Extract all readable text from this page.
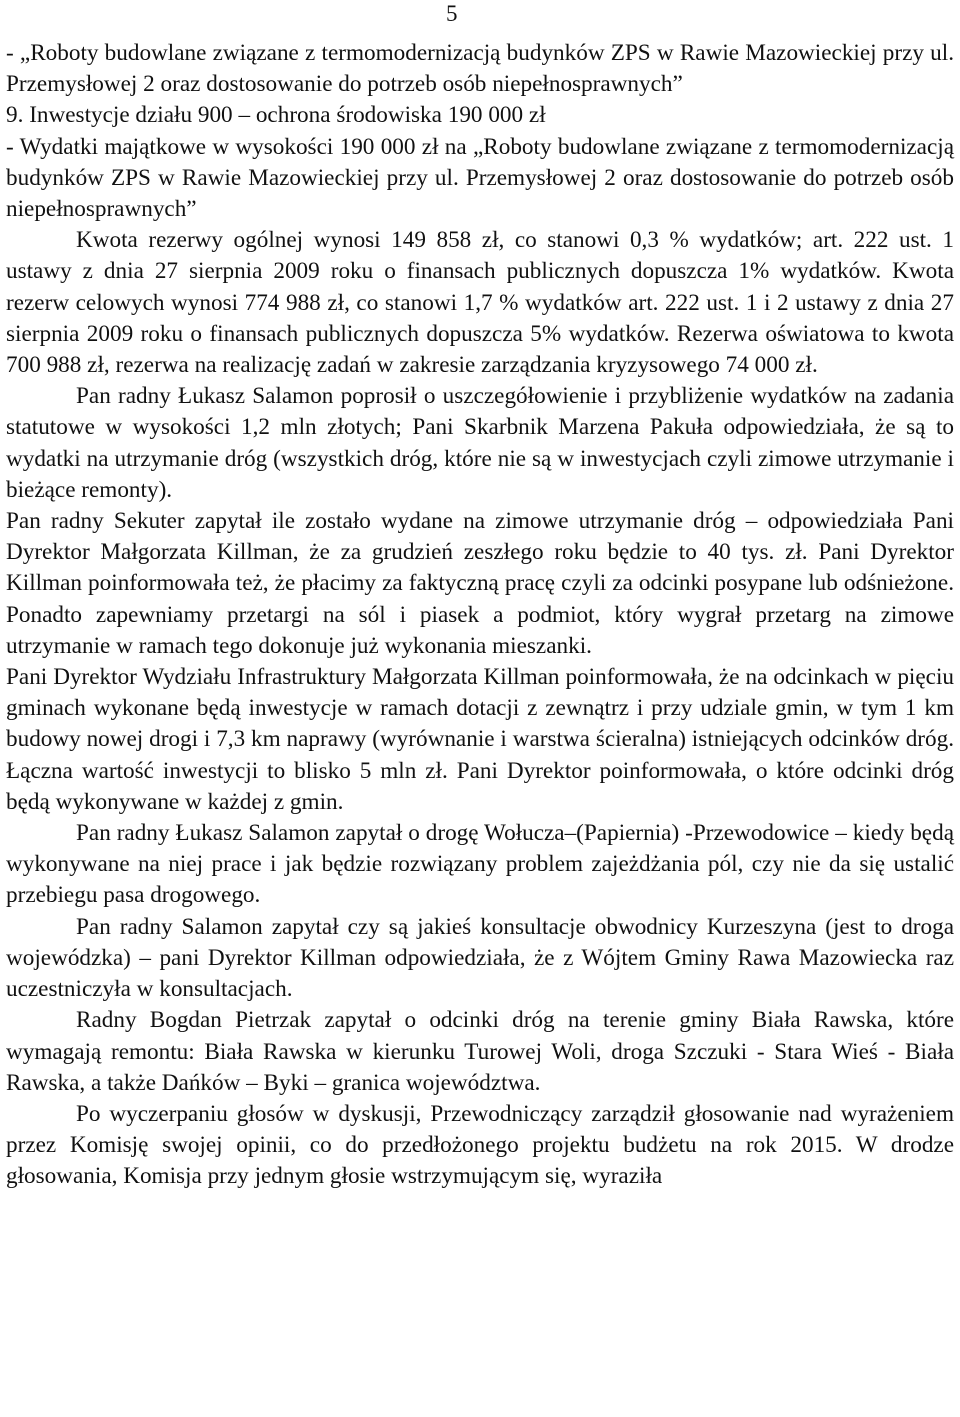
5

- „Roboty budowlane związane z termomodernizacją budynków ZPS w Rawie Mazowieckiej przy ul. Przemysłowej 2 oraz dostosowanie do potrzeb osób niepełnosprawnych”

9. Inwestycje działu 900 – ochrona środowiska 190 000 zł

- Wydatki majątkowe w wysokości 190 000 zł na „Roboty budowlane związane z termomodernizacją budynków ZPS w Rawie Mazowieckiej przy ul. Przemysłowej 2 oraz dostosowanie do potrzeb osób niepełnosprawnych”

Kwota rezerwy ogólnej wynosi 149 858 zł, co stanowi 0,3 % wydatków; art. 222 ust. 1 ustawy z dnia 27 sierpnia 2009 roku o finansach publicznych dopuszcza 1% wydatków. Kwota rezerw celowych wynosi 774 988 zł, co stanowi 1,7 % wydatków art. 222 ust. 1 i 2 ustawy z dnia 27 sierpnia 2009 roku o finansach publicznych dopuszcza 5% wydatków. Rezerwa oświatowa to kwota 700 988 zł, rezerwa na realizację zadań w zakresie zarządzania kryzysowego 74 000 zł.

Pan radny Łukasz Salamon poprosił o uszczegółowienie i przybliżenie wydatków na zadania statutowe w wysokości 1,2 mln złotych; Pani Skarbnik Marzena Pakuła odpowiedziała, że są to wydatki na utrzymanie dróg (wszystkich dróg, które nie są w inwestycjach czyli zimowe utrzymanie i bieżące remonty).

Pan radny Sekuter zapytał ile zostało wydane na zimowe utrzymanie dróg – odpowiedziała Pani Dyrektor Małgorzata Killman, że za grudzień zeszłego roku będzie to 40 tys. zł. Pani Dyrektor Killman poinformowała też, że płacimy za faktyczną pracę czyli za odcinki posypane lub odśnieżone. Ponadto zapewniamy przetargi na sól i piasek a podmiot, który wygrał przetarg na zimowe utrzymanie w ramach tego dokonuje już wykonania mieszanki.

Pani Dyrektor Wydziału Infrastruktury Małgorzata Killman poinformowała, że na odcinkach w pięciu gminach wykonane będą inwestycje w ramach dotacji z zewnątrz i przy udziale gmin, w tym 1 km budowy nowej drogi i 7,3 km naprawy (wyrównanie i warstwa ścieralna) istniejących odcinków dróg. Łączna wartość inwestycji to blisko 5 mln zł. Pani Dyrektor poinformowała, o które odcinki dróg będą wykonywane w każdej z gmin.

Pan radny Łukasz Salamon zapytał o drogę Wołucza–(Papiernia) -Przewodowice – kiedy będą wykonywane na niej prace i jak będzie rozwiązany problem zajeżdżania pól, czy nie da się ustalić przebiegu pasa drogowego.

Pan radny Salamon zapytał czy są jakieś konsultacje obwodnicy Kurzeszyna (jest to droga wojewódzka) – pani Dyrektor Killman odpowiedziała, że z Wójtem Gminy Rawa Mazowiecka raz uczestniczyła w konsultacjach.

Radny Bogdan Pietrzak zapytał o odcinki dróg na terenie gminy Biała Rawska, które wymagają remontu: Biała Rawska w kierunku Turowej Woli, droga Szczuki - Stara Wieś - Biała Rawska, a także Dańków – Byki – granica województwa.

Po wyczerpaniu głosów w dyskusji, Przewodniczący zarządził głosowanie nad wyrażeniem przez Komisję swojej opinii, co do przedłożonego projektu budżetu na rok 2015. W drodze głosowania, Komisja przy jednym głosie wstrzymującym się, wyraziła
